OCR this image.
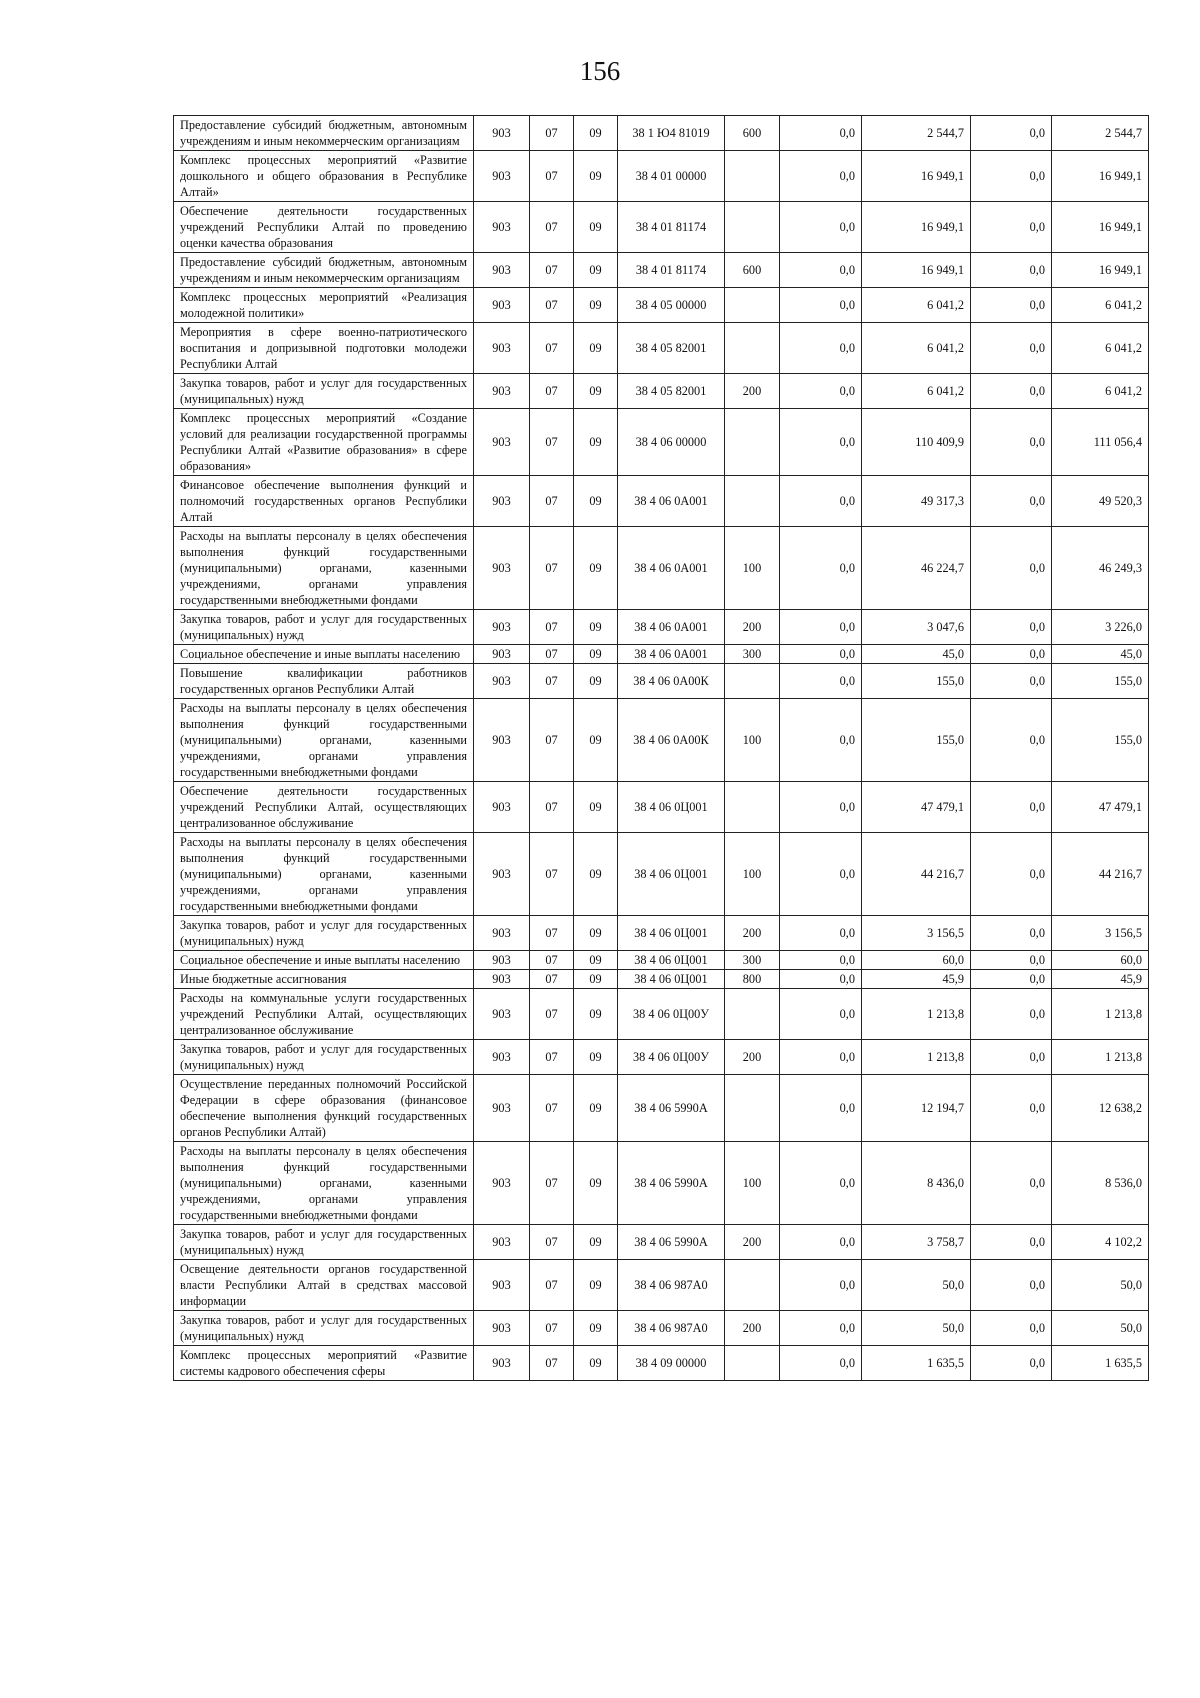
156
Предоставление субсидий бюджетным, автономным учреждениям и иным некоммерческим организациям	903	07	09	38 1 Ю4 81019	600	0,0	2 544,7	0,0	2 544,7
Комплекс процессных мероприятий «Развитие дошкольного и общего образования в Республике Алтай»	903	07	09	38 4 01 00000		0,0	16 949,1	0,0	16 949,1
Обеспечение деятельности государственных учреждений Республики Алтай по проведению оценки качества образования	903	07	09	38 4 01 81174		0,0	16 949,1	0,0	16 949,1
Предоставление субсидий бюджетным, автономным учреждениям и иным некоммерческим организациям	903	07	09	38 4 01 81174	600	0,0	16 949,1	0,0	16 949,1
Комплекс процессных мероприятий «Реализация молодежной политики»	903	07	09	38 4 05 00000		0,0	6 041,2	0,0	6 041,2
Мероприятия в сфере военно-патриотического воспитания и допризывной подготовки молодежи Республики Алтай	903	07	09	38 4 05 82001		0,0	6 041,2	0,0	6 041,2
Закупка товаров, работ и услуг для государственных (муниципальных) нужд	903	07	09	38 4 05 82001	200	0,0	6 041,2	0,0	6 041,2
Комплекс процессных мероприятий «Создание условий для реализации государственной программы Республики Алтай «Развитие образования» в сфере образования»	903	07	09	38 4 06 00000		0,0	110 409,9	0,0	111 056,4
Финансовое обеспечение выполнения функций и полномочий государственных органов Республики Алтай	903	07	09	38 4 06 0А001		0,0	49 317,3	0,0	49 520,3
Расходы на выплаты персоналу в целях обеспечения выполнения функций государственными (муниципальными) органами, казенными учреждениями, органами управления государственными внебюджетными фондами	903	07	09	38 4 06 0А001	100	0,0	46 224,7	0,0	46 249,3
Закупка товаров, работ и услуг для государственных (муниципальных) нужд	903	07	09	38 4 06 0А001	200	0,0	3 047,6	0,0	3 226,0
Социальное обеспечение и иные выплаты населению	903	07	09	38 4 06 0А001	300	0,0	45,0	0,0	45,0
Повышение квалификации работников государственных органов Республики Алтай	903	07	09	38 4 06 0А00К		0,0	155,0	0,0	155,0
Расходы на выплаты персоналу в целях обеспечения выполнения функций государственными (муниципальными) органами, казенными учреждениями, органами управления государственными внебюджетными фондами	903	07	09	38 4 06 0А00К	100	0,0	155,0	0,0	155,0
Обеспечение деятельности государственных учреждений Республики Алтай, осуществляющих централизованное обслуживание	903	07	09	38 4 06 0Ц001		0,0	47 479,1	0,0	47 479,1
Расходы на выплаты персоналу в целях обеспечения выполнения функций государственными (муниципальными) органами, казенными учреждениями, органами управления государственными внебюджетными фондами	903	07	09	38 4 06 0Ц001	100	0,0	44 216,7	0,0	44 216,7
Закупка товаров, работ и услуг для государственных (муниципальных) нужд	903	07	09	38 4 06 0Ц001	200	0,0	3 156,5	0,0	3 156,5
Социальное обеспечение и иные выплаты населению	903	07	09	38 4 06 0Ц001	300	0,0	60,0	0,0	60,0
Иные бюджетные ассигнования	903	07	09	38 4 06 0Ц001	800	0,0	45,9	0,0	45,9
Расходы на коммунальные услуги государственных учреждений Республики Алтай, осуществляющих централизованное обслуживание	903	07	09	38 4 06 0Ц00У		0,0	1 213,8	0,0	1 213,8
Закупка товаров, работ и услуг для государственных (муниципальных) нужд	903	07	09	38 4 06 0Ц00У	200	0,0	1 213,8	0,0	1 213,8
Осуществление переданных полномочий Российской Федерации в сфере образования (финансовое обеспечение выполнения функций государственных органов Республики Алтай)	903	07	09	38 4 06 5990А		0,0	12 194,7	0,0	12 638,2
Расходы на выплаты персоналу в целях обеспечения выполнения функций государственными (муниципальными) органами, казенными учреждениями, органами управления государственными внебюджетными фондами	903	07	09	38 4 06 5990А	100	0,0	8 436,0	0,0	8 536,0
Закупка товаров, работ и услуг для государственных (муниципальных) нужд	903	07	09	38 4 06 5990А	200	0,0	3 758,7	0,0	4 102,2
Освещение деятельности органов государственной власти Республики Алтай в средствах массовой информации	903	07	09	38 4 06 987А0		0,0	50,0	0,0	50,0
Закупка товаров, работ и услуг для государственных (муниципальных) нужд	903	07	09	38 4 06 987А0	200	0,0	50,0	0,0	50,0
Комплекс процессных мероприятий «Развитие системы кадрового обеспечения сферы	903	07	09	38 4 09 00000		0,0	1 635,5	0,0	1 635,5
